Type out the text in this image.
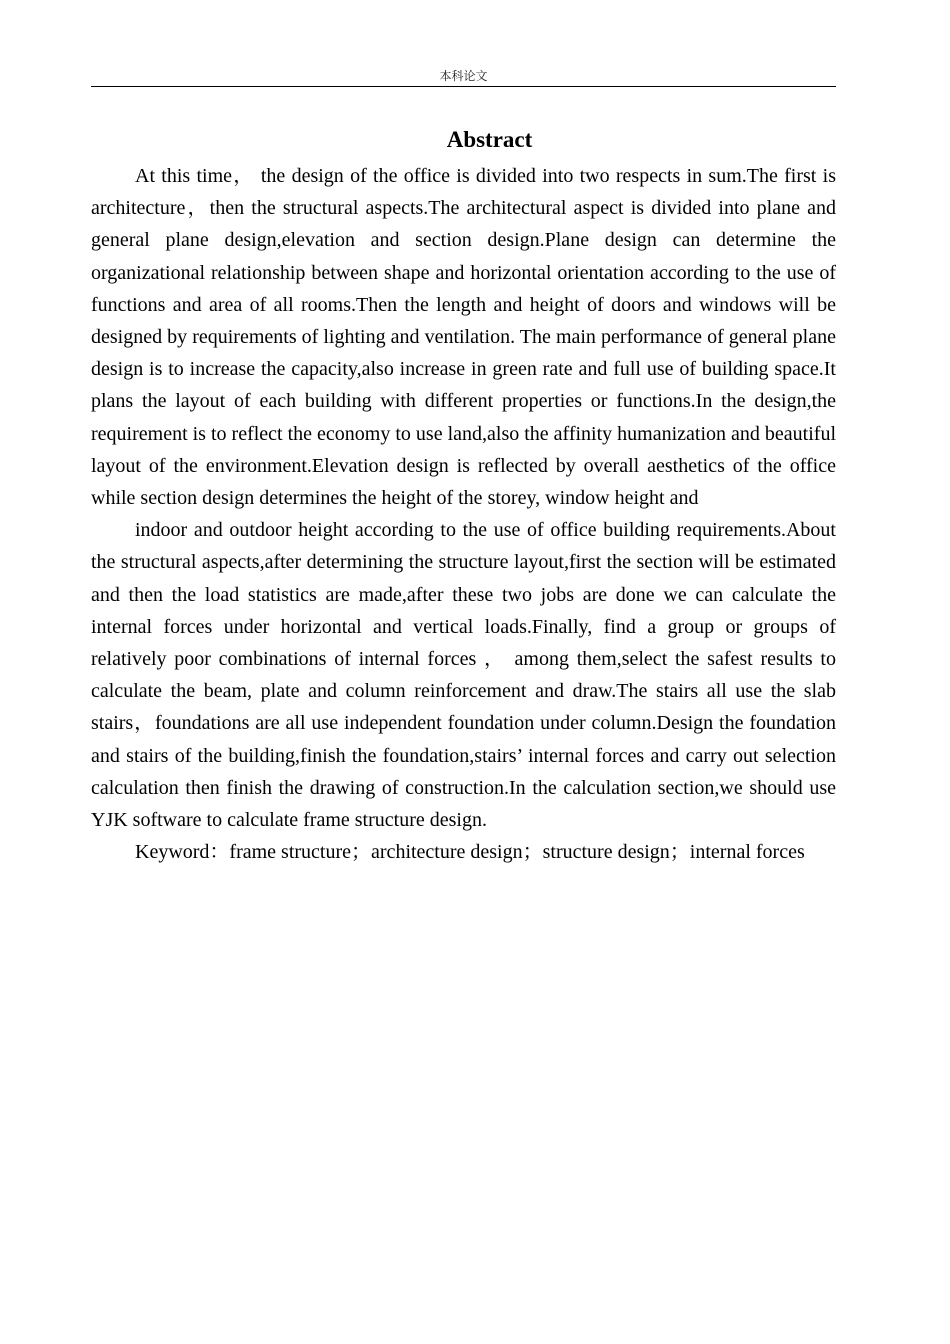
本科论文
Abstract

At this time， the design of the office is divided into two respects in sum.The first is architecture，then the structural aspects.The architectural aspect is divided into plane and general plane design,elevation and section design.Plane design can determine the organizational relationship between shape and horizontal orientation according to the use of functions and area of all rooms.Then the length and height of doors and windows will be designed by requirements of lighting and ventilation. The main performance of general plane design is to increase the capacity,also increase in green rate and full use of building space.It plans the layout of each building with different properties or functions.In the design,the requirement is to reflect the economy to use land,also the affinity humanization and beautiful layout of the environment.Elevation design is reflected by overall aesthetics of the office while section design determines the height of the storey, window height and

indoor and outdoor height according to the use of office building requirements.About the structural aspects,after determining the structure layout,first the section will be estimated and then the load statistics are made,after these two jobs are done we can calculate the internal forces under horizontal and vertical loads.Finally, find a group or groups of relatively poor combinations of internal forces ， among them,select the safest results to calculate the beam, plate and column reinforcement and draw.The stairs all use the slab stairs，foundations are all use independent foundation under column.Design the foundation and stairs of the building,finish the foundation,stairs’ internal forces and carry out selection calculation then finish the drawing of construction.In the calculation section,we should use YJK software to calculate frame structure design.

Keyword：frame structure；architecture design；structure design；internal forces
